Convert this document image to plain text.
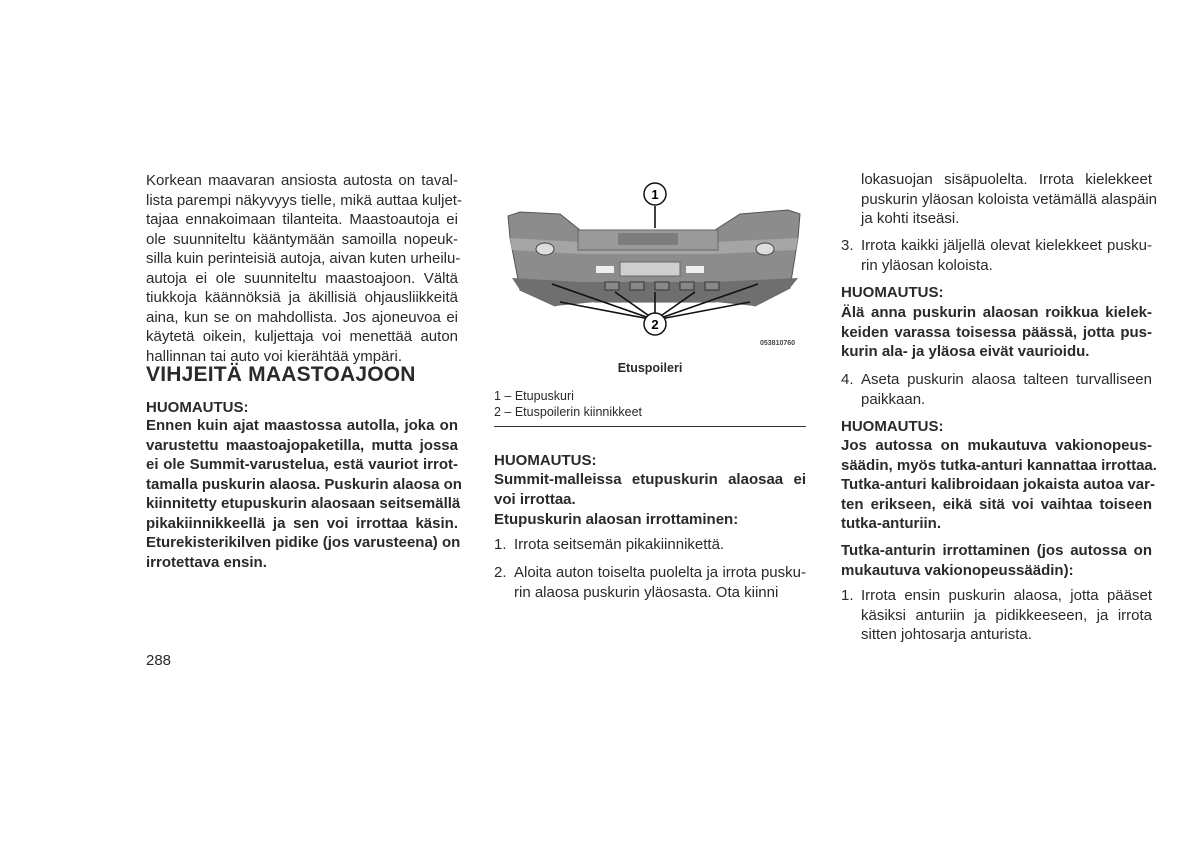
Korkean maavaran ansiosta autosta on taval-
lista parempi näkyvyys tielle, mikä auttaa kuljet-
tajaa ennakoimaan tilanteita. Maastoautoja ei
ole suunniteltu kääntymään samoilla nopeuk-
silla kuin perinteisiä autoja, aivan kuten urheilu-
autoja ei ole suunniteltu maastoajoon. Vältä
tiukkoja käännöksiä ja äkillisiä ohjausliikkeitä
aina, kun se on mahdollista. Jos ajoneuvoa ei
käytetä oikein, kuljettaja voi menettää auton
hallinnan tai auto voi kierähtää ympäri.
VIHJEITÄ MAASTOAJOON
HUOMAUTUS:
Ennen kuin ajat maastossa autolla, joka on
varustettu maastoajopaketilla, mutta jossa
ei ole Summit-varustelua, estä vauriot irrot-
tamalla puskurin alaosa. Puskurin alaosa on
kiinnitetty etupuskurin alaosaan seitsemällä
pikakiinnikkeellä ja sen voi irrottaa käsin.
Eturekisterikilven pidike (jos varusteena) on
irrotettava ensin.
1
2
053810760
Etuspoileri
1 – Etupuskuri
2 – Etuspoilerin kiinnikkeet
HUOMAUTUS:
Summit-malleissa etupuskurin alaosaa ei
voi irrottaa.
Etupuskurin alaosan irrottaminen:
1. Irrota seitsemän pikakiinnikettä.
2. Aloita auton toiselta puolelta ja irrota pusku-
rin alaosa puskurin yläosasta. Ota kiinni
lokasuojan sisäpuolelta. Irrota kielekkeet
puskurin yläosan koloista vetämällä alaspäin
ja kohti itseäsi.
3. Irrota kaikki jäljellä olevat kielekkeet pusku-
rin yläosan koloista.
HUOMAUTUS:
Älä anna puskurin alaosan roikkua kielek-
keiden varassa toisessa päässä, jotta pus-
kurin ala- ja yläosa eivät vaurioidu.
4. Aseta puskurin alaosa talteen turvalliseen
paikkaan.
HUOMAUTUS:
Jos autossa on mukautuva vakionopeus-
säädin, myös tutka-anturi kannattaa irrottaa.
Tutka-anturi kalibroidaan jokaista autoa var-
ten erikseen, eikä sitä voi vaihtaa toiseen
tutka-anturiin.
Tutka-anturin irrottaminen (jos autossa on
mukautuva vakionopeussäädin):
1. Irrota ensin puskurin alaosa, jotta pääset
käsiksi anturiin ja pidikkeeseen, ja irrota
sitten johtosarja anturista.
288
